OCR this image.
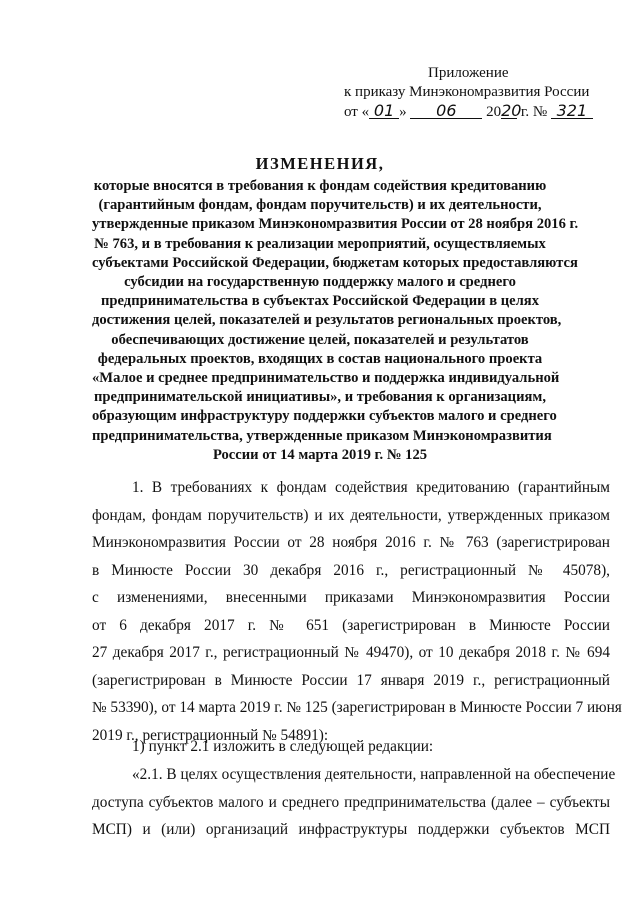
Приложение
к приказу Минэкономразвития России
от « 01 » 06 2020 г. № 321
ИЗМЕНЕНИЯ,
которые вносятся в требования к фондам содействия кредитованию
(гарантийным фондам, фондам поручительств) и их деятельности,
утвержденные приказом Минэкономразвития России от 28 ноября 2016 г.
№ 763, и в требования к реализации мероприятий, осуществляемых
субъектами Российской Федерации, бюджетам которых предоставляются
субсидии на государственную поддержку малого и среднего
предпринимательства в субъектах Российской Федерации в целях
достижения целей, показателей и результатов региональных проектов,
обеспечивающих достижение целей, показателей и результатов
федеральных проектов, входящих в состав национального проекта
«Малое и среднее предпринимательство и поддержка индивидуальной
предпринимательской инициативы», и требования к организациям,
образующим инфраструктуру поддержки субъектов малого и среднего
предпринимательства, утвержденные приказом Минэкономразвития
России от 14 марта 2019 г. № 125
1. В требованиях к фондам содействия кредитованию (гарантийным
фондам, фондам поручительств) и их деятельности, утвержденных приказом
Минэкономразвития России от 28 ноября 2016 г. № 763 (зарегистрирован
в Минюсте России 30 декабря 2016 г., регистрационный № 45078),
с изменениями, внесенными приказами Минэкономразвития России
от 6 декабря 2017 г. № 651 (зарегистрирован в Минюсте России
27 декабря 2017 г., регистрационный № 49470), от 10 декабря 2018 г. № 694
(зарегистрирован в Минюсте России 17 января 2019 г., регистрационный
№ 53390), от 14 марта 2019 г. № 125 (зарегистрирован в Минюсте России 7 июня
2019 г., регистрационный № 54891):
1) пункт 2.1 изложить в следующей редакции:
«2.1. В целях осуществления деятельности, направленной на обеспечение
доступа субъектов малого и среднего предпринимательства (далее – субъекты
МСП) и (или) организаций инфраструктуры поддержки субъектов МСП
